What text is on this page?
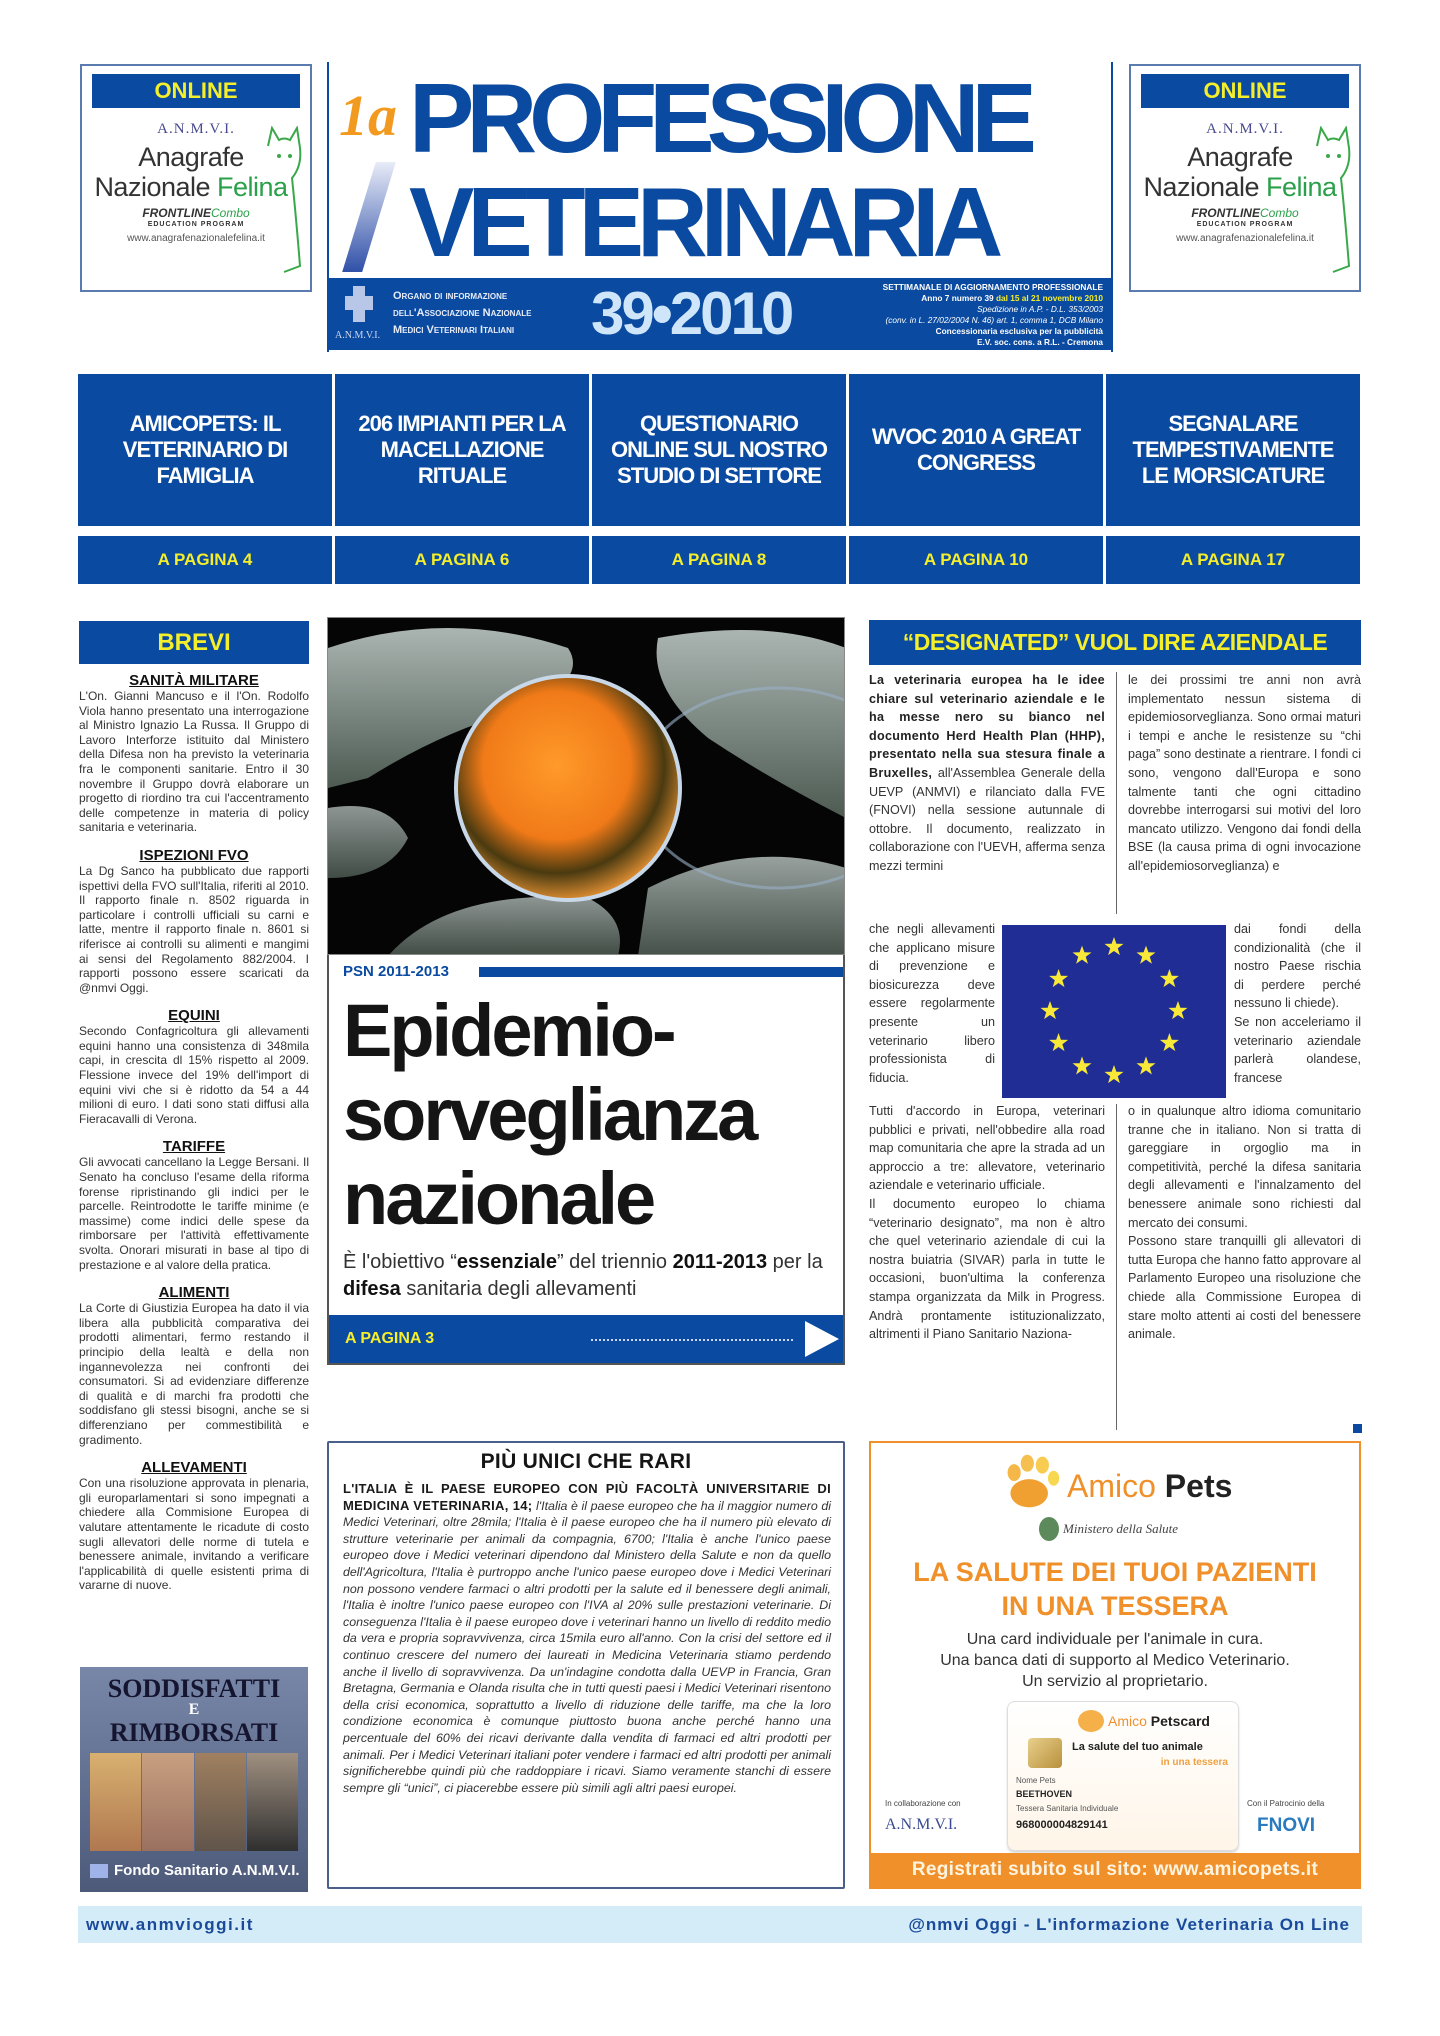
ONLINE
A.N.M.V.I.
Anagrafe
Nazionale Felina
FRONTLINECombo
EDUCATION PROGRAM
www.anagrafenazionalefelina.it
ONLINE
A.N.M.V.I.
Anagrafe
Nazionale Felina
FRONTLINECombo
EDUCATION PROGRAM
www.anagrafenazionalefelina.it
1a PROFESSIONE
VETERINARIA
A.N.M.V.I.
Organo di informazione
dell'Associazione Nazionale
Medici Veterinari Italiani	39•2010	SETTIMANALE DI AGGIORNAMENTO PROFESSIONALE
Anno 7 numero 39 dal 15 al 21 novembre 2010
Spedizione in A.P. - D.L. 353/2003
(conv. in L. 27/02/2004 N. 46) art. 1, comma 1, DCB Milano
Concessionaria esclusiva per la pubblicità
E.V. soc. cons. a R.L. - Cremona
AMICOPETS: IL VETERINARIO DI FAMIGLIA
206 IMPIANTI PER LA MACELLAZIONE RITUALE
QUESTIONARIO ONLINE SUL NOSTRO STUDIO DI SETTORE
WVOC 2010 A GREAT CONGRESS
SEGNALARE TEMPESTIVAMENTE LE MORSICATURE
A PAGINA 4	A PAGINA 6	A PAGINA 8	A PAGINA 10	A PAGINA 17
BREVI
SANITÀ MILITARE

L'On. Gianni Mancuso e il l'On. Rodolfo Viola hanno presentato una interrogazione al Ministro Ignazio La Russa. Il Gruppo di Lavoro Interforze istituito dal Ministero della Difesa non ha previsto la veterinaria fra le componenti sanitarie. Entro il 30 novembre il Gruppo dovrà elaborare un progetto di riordino tra cui l'accentramento delle competenze in materia di policy sanitaria e veterinaria.

ISPEZIONI FVO

La Dg Sanco ha pubblicato due rapporti ispettivi della FVO sull'Italia, riferiti al 2010. Il rapporto finale n. 8502 riguarda in particolare i controlli ufficiali su carni e latte, mentre il rapporto finale n. 8601 si riferisce ai controlli su alimenti e mangimi ai sensi del Regolamento 882/2004. I rapporti possono essere scaricati da @nmvi Oggi.

EQUINI

Secondo Confagricoltura gli allevamenti equini hanno una consistenza di 348mila capi, in crescita dl 15% rispetto al 2009. Flessione invece del 19% dell'import di equini vivi che si è ridotto da 54 a 44 milioni di euro. I dati sono stati diffusi alla Fieracavalli di Verona.

TARIFFE

Gli avvocati cancellano la Legge Bersani. Il Senato ha concluso l'esame della riforma forense ripristinando gli indici per le parcelle. Reintrodotte le tariffe minime (e massime) come indici delle spese da rimborsare per l'attività effettivamente svolta. Onorari misurati in base al tipo di prestazione e al valore della pratica.

ALIMENTI

La Corte di Giustizia Europea ha dato il via libera alla pubblicità comparativa dei prodotti alimentari, fermo restando il principio della lealtà e della non ingannevolezza nei confronti dei consumatori. Si ad evidenziare differenze di qualità e di marchi fra prodotti che soddisfano gli stessi bisogni, anche se si differenziano per commestibilità e gradimento.

ALLEVAMENTI

Con una risoluzione approvata in plenaria, gli europarlamentari si sono impegnati a chiedere alla Commisione Europea di valutare attentamente le ricadute di costo sugli allevatori delle norme di tutela e benessere animale, invitando a verificare l'applicabilità di quelle esistenti prima di vararne di nuove.

SODDISFATTI
E
RIMBORSATI
Fondo Sanitario A.N.M.V.I.
PSN 2011-2013
Epidemio-
sorveglianza
nazionale
È l'obiettivo “essenziale” del triennio 2011-2013 per la difesa sanitaria degli allevamenti
A PAGINA 3
“DESIGNATED” VUOL DIRE AZIENDALE
La veterinaria europea ha le idee chiare sul veterinario aziendale e le ha messe nero su bianco nel documento Herd Health Plan (HHP), presentato nella sua stesura finale a Bruxelles, all'Assemblea Generale della UEVP (ANMVI) e rilanciato dalla FVE (FNOVI) nella sessione autunnale di ottobre. Il documento, realizzato in collaborazione con l'UEVH, afferma senza mezzi termini
che negli allevamenti che applicano misure di prevenzione e biosicurezza deve essere regolarmente presente un veterinario libero professionista di fiducia.
Tutti d'accordo in Europa, veterinari pubblici e privati, nell'obbedire alla road map comunitaria che apre la strada ad un approccio a tre: allevatore, veterinario aziendale e veterinario ufficiale.
Il documento europeo lo chiama “veterinario designato”, ma non è altro che quel veterinario aziendale di cui la nostra buiatria (SIVAR) parla in tutte le occasioni, buon'ultima la conferenza stampa organizzata da Milk in Progress. Andrà prontamente istituzionalizzato, altrimenti il Piano Sanitario Naziona-
le dei prossimi tre anni non avrà implementato nessun sistema di epidemiosorveglianza. Sono ormai maturi i tempi e anche le resistenze su “chi paga” sono destinate a rientrare. I fondi ci sono, vengono dall'Europa e sono talmente tanti che ogni cittadino dovrebbe interrogarsi sui motivi del loro mancato utilizzo. Vengono dai fondi della BSE (la causa prima di ogni invocazione all'epidemiosorveglianza) e
dai fondi della condizionalità (che il nostro Paese rischia di perdere perché nessuno li chiede).
Se non acceleriamo il veterinario aziendale parlerà olandese, francese
o in qualunque altro idioma comunitario tranne che in italiano. Non si tratta di gareggiare in orgoglio ma in competitività, perché la difesa sanitaria degli allevamenti e l'innalzamento del benessere animale sono richiesti dal mercato dei consumi.
Possono stare tranquilli gli allevatori di tutta Europa che hanno fatto approvare al Parlamento Europeo una risoluzione che chiede alla Commissione Europea di stare molto attenti ai costi del benessere animale.
PIÙ UNICI CHE RARI
L'ITALIA È IL PAESE EUROPEO CON PIÙ FACOLTÀ UNIVERSITARIE DI MEDICINA VETERINARIA, 14; l'Italia è il paese europeo che ha il maggior numero di Medici Veterinari, oltre 28mila; l'Italia è il paese europeo che ha il numero più elevato di strutture veterinarie per animali da compagnia, 6700; l'Italia è anche l'unico paese europeo dove i Medici veterinari dipendono dal Ministero della Salute e non da quello dell'Agricoltura, l'Italia è purtroppo anche l'unico paese europeo dove i Medici Veterinari non possono vendere farmaci o altri prodotti per la salute ed il benessere degli animali, l'Italia è inoltre l'unico paese europeo con l'IVA al 20% sulle prestazioni veterinarie. Di conseguenza l'Italia è il paese europeo dove i veterinari hanno un livello di reddito medio da vera e propria sopravvivenza, circa 15mila euro all'anno. Con la crisi del settore ed il continuo crescere del numero dei laureati in Medicina Veterinaria stiamo perdendo anche il livello di sopravvivenza. Da un'indagine condotta dalla UEVP in Francia, Gran Bretagna, Germania e Olanda risulta che in tutti questi paesi i Medici Veterinari risentono della crisi economica, soprattutto a livello di riduzione delle tariffe, ma che la loro condizione economica è comunque piuttosto buona anche perché hanno una percentuale del 60% dei ricavi derivante dalla vendita di farmaci ed altri prodotti per animali. Per i Medici Veterinari italiani poter vendere i farmaci ed altri prodotti per animali significherebbe quindi più che raddoppiare i ricavi. Siamo veramente stanchi di essere sempre gli “unici”, ci piacerebbe essere più simili agli altri paesi europei.
Amico Pets
Ministero della Salute
LA SALUTE DEI TUOI PAZIENTI
IN UNA TESSERA
Una card individuale per l'animale in cura.
Una banca dati di supporto al Medico Veterinario.
Un servizio al proprietario.
Amico Petscard
La salute del tuo animale
in una tessera
Nome Pets
BEETHOVEN
Tessera Sanitaria Individuale
968000004829141
In collaborazione con
A.N.M.V.I.
Con il Patrocinio della
FNOVI
Registrati subito sul sito: www.amicopets.it
www.anmvioggi.it	@nmvi Oggi - L'informazione Veterinaria On Line
